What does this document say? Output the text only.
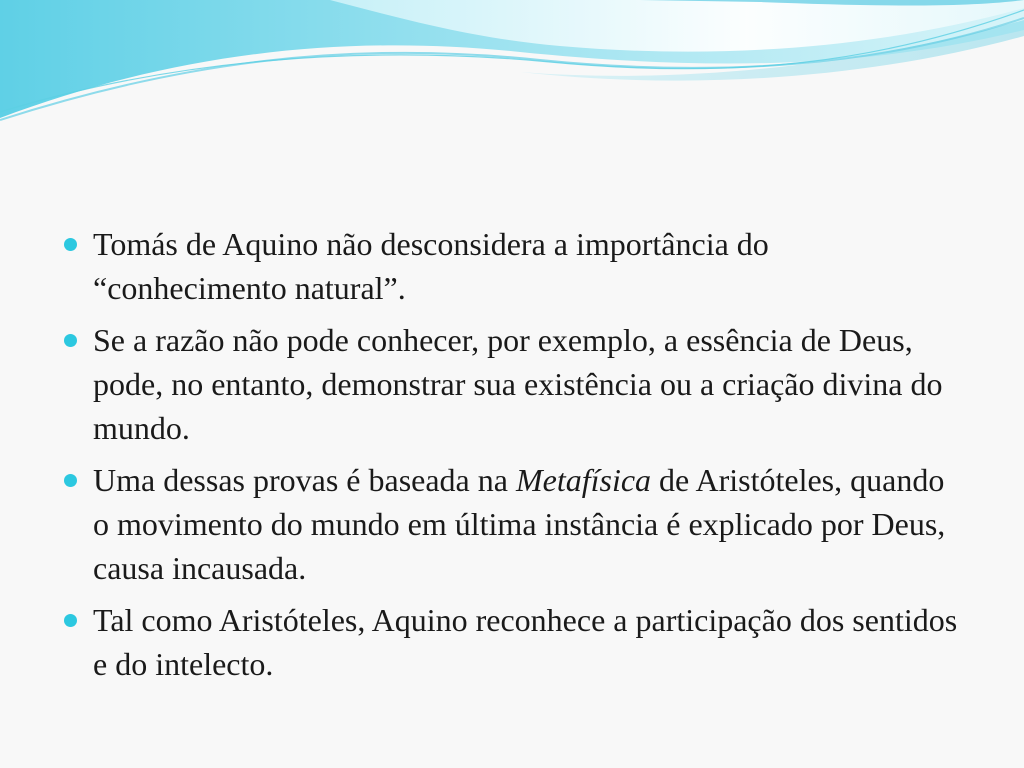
Tomás de Aquino não desconsidera a importância do “conhecimento natural”.
Se a razão não pode conhecer, por exemplo, a essência de Deus, pode, no entanto, demonstrar sua existência ou a criação divina do mundo.
Uma dessas provas é baseada na Metafísica de Aristóteles, quando o movimento do mundo em última instância é explicado por Deus, causa incausada.
Tal como Aristóteles, Aquino reconhece a participação dos sentidos e do intelecto.
